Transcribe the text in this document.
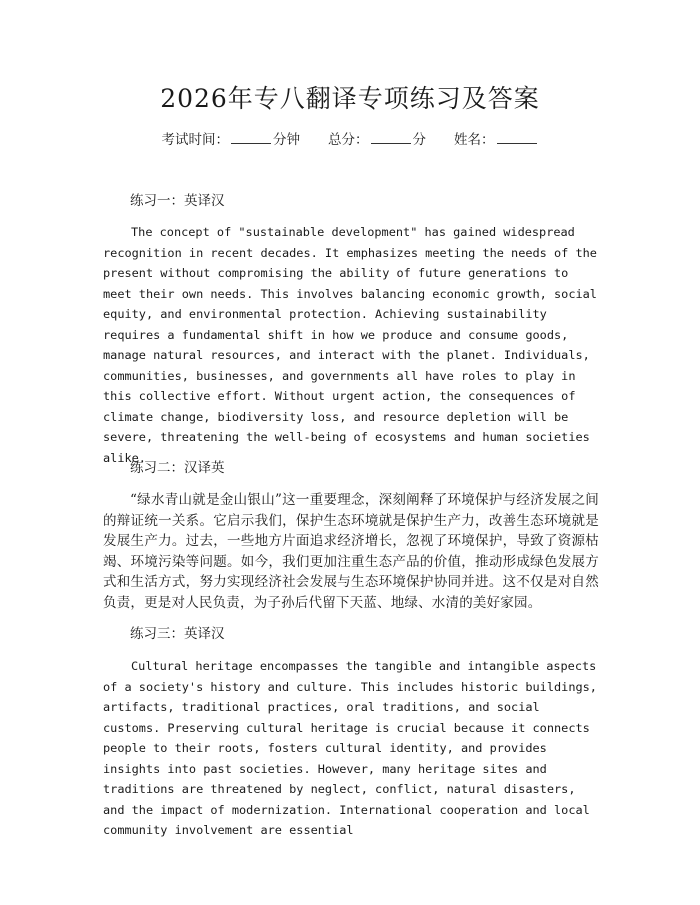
2026年专八翻译专项练习及答案
考试时间：	分钟 总分：	分 姓名：
练习一：英译汉

The concept of "sustainable development" has gained widespread recognition in recent decades. It emphasizes meeting the needs of the present without compromising the ability of future generations to meet their own needs. This involves balancing economic growth, social equity, and environmental protection. Achieving sustainability requires a fundamental shift in how we produce and consume goods, manage natural resources, and interact with the planet. Individuals, communities, businesses, and governments all have roles to play in this collective effort. Without urgent action, the consequences of climate change, biodiversity loss, and resource depletion will be severe, threatening the well-being of ecosystems and human societies alike.

练习二：汉译英

“绿水青山就是金山银山”这一重要理念，深刻阐释了环境保护与经济发展之间的辩证统一关系。它启示我们，保护生态环境就是保护生产力，改善生态环境就是发展生产力。过去，一些地方片面追求经济增长，忽视了环境保护，导致了资源枯竭、环境污染等问题。如今，我们更加注重生态产品的价值，推动形成绿色发展方式和生活方式，努力实现经济社会发展与生态环境保护协同并进。这不仅是对自然负责，更是对人民负责，为子孙后代留下天蓝、地绿、水清的美好家园。

练习三：英译汉

Cultural heritage encompasses the tangible and intangible aspects of a society's history and culture. This includes historic buildings, artifacts, traditional practices, oral traditions, and social customs. Preserving cultural heritage is crucial because it connects people to their roots, fosters cultural identity, and provides insights into past societies. However, many heritage sites and traditions are threatened by neglect, conflict, natural disasters, and the impact of modernization. International cooperation and local community involvement are essential
